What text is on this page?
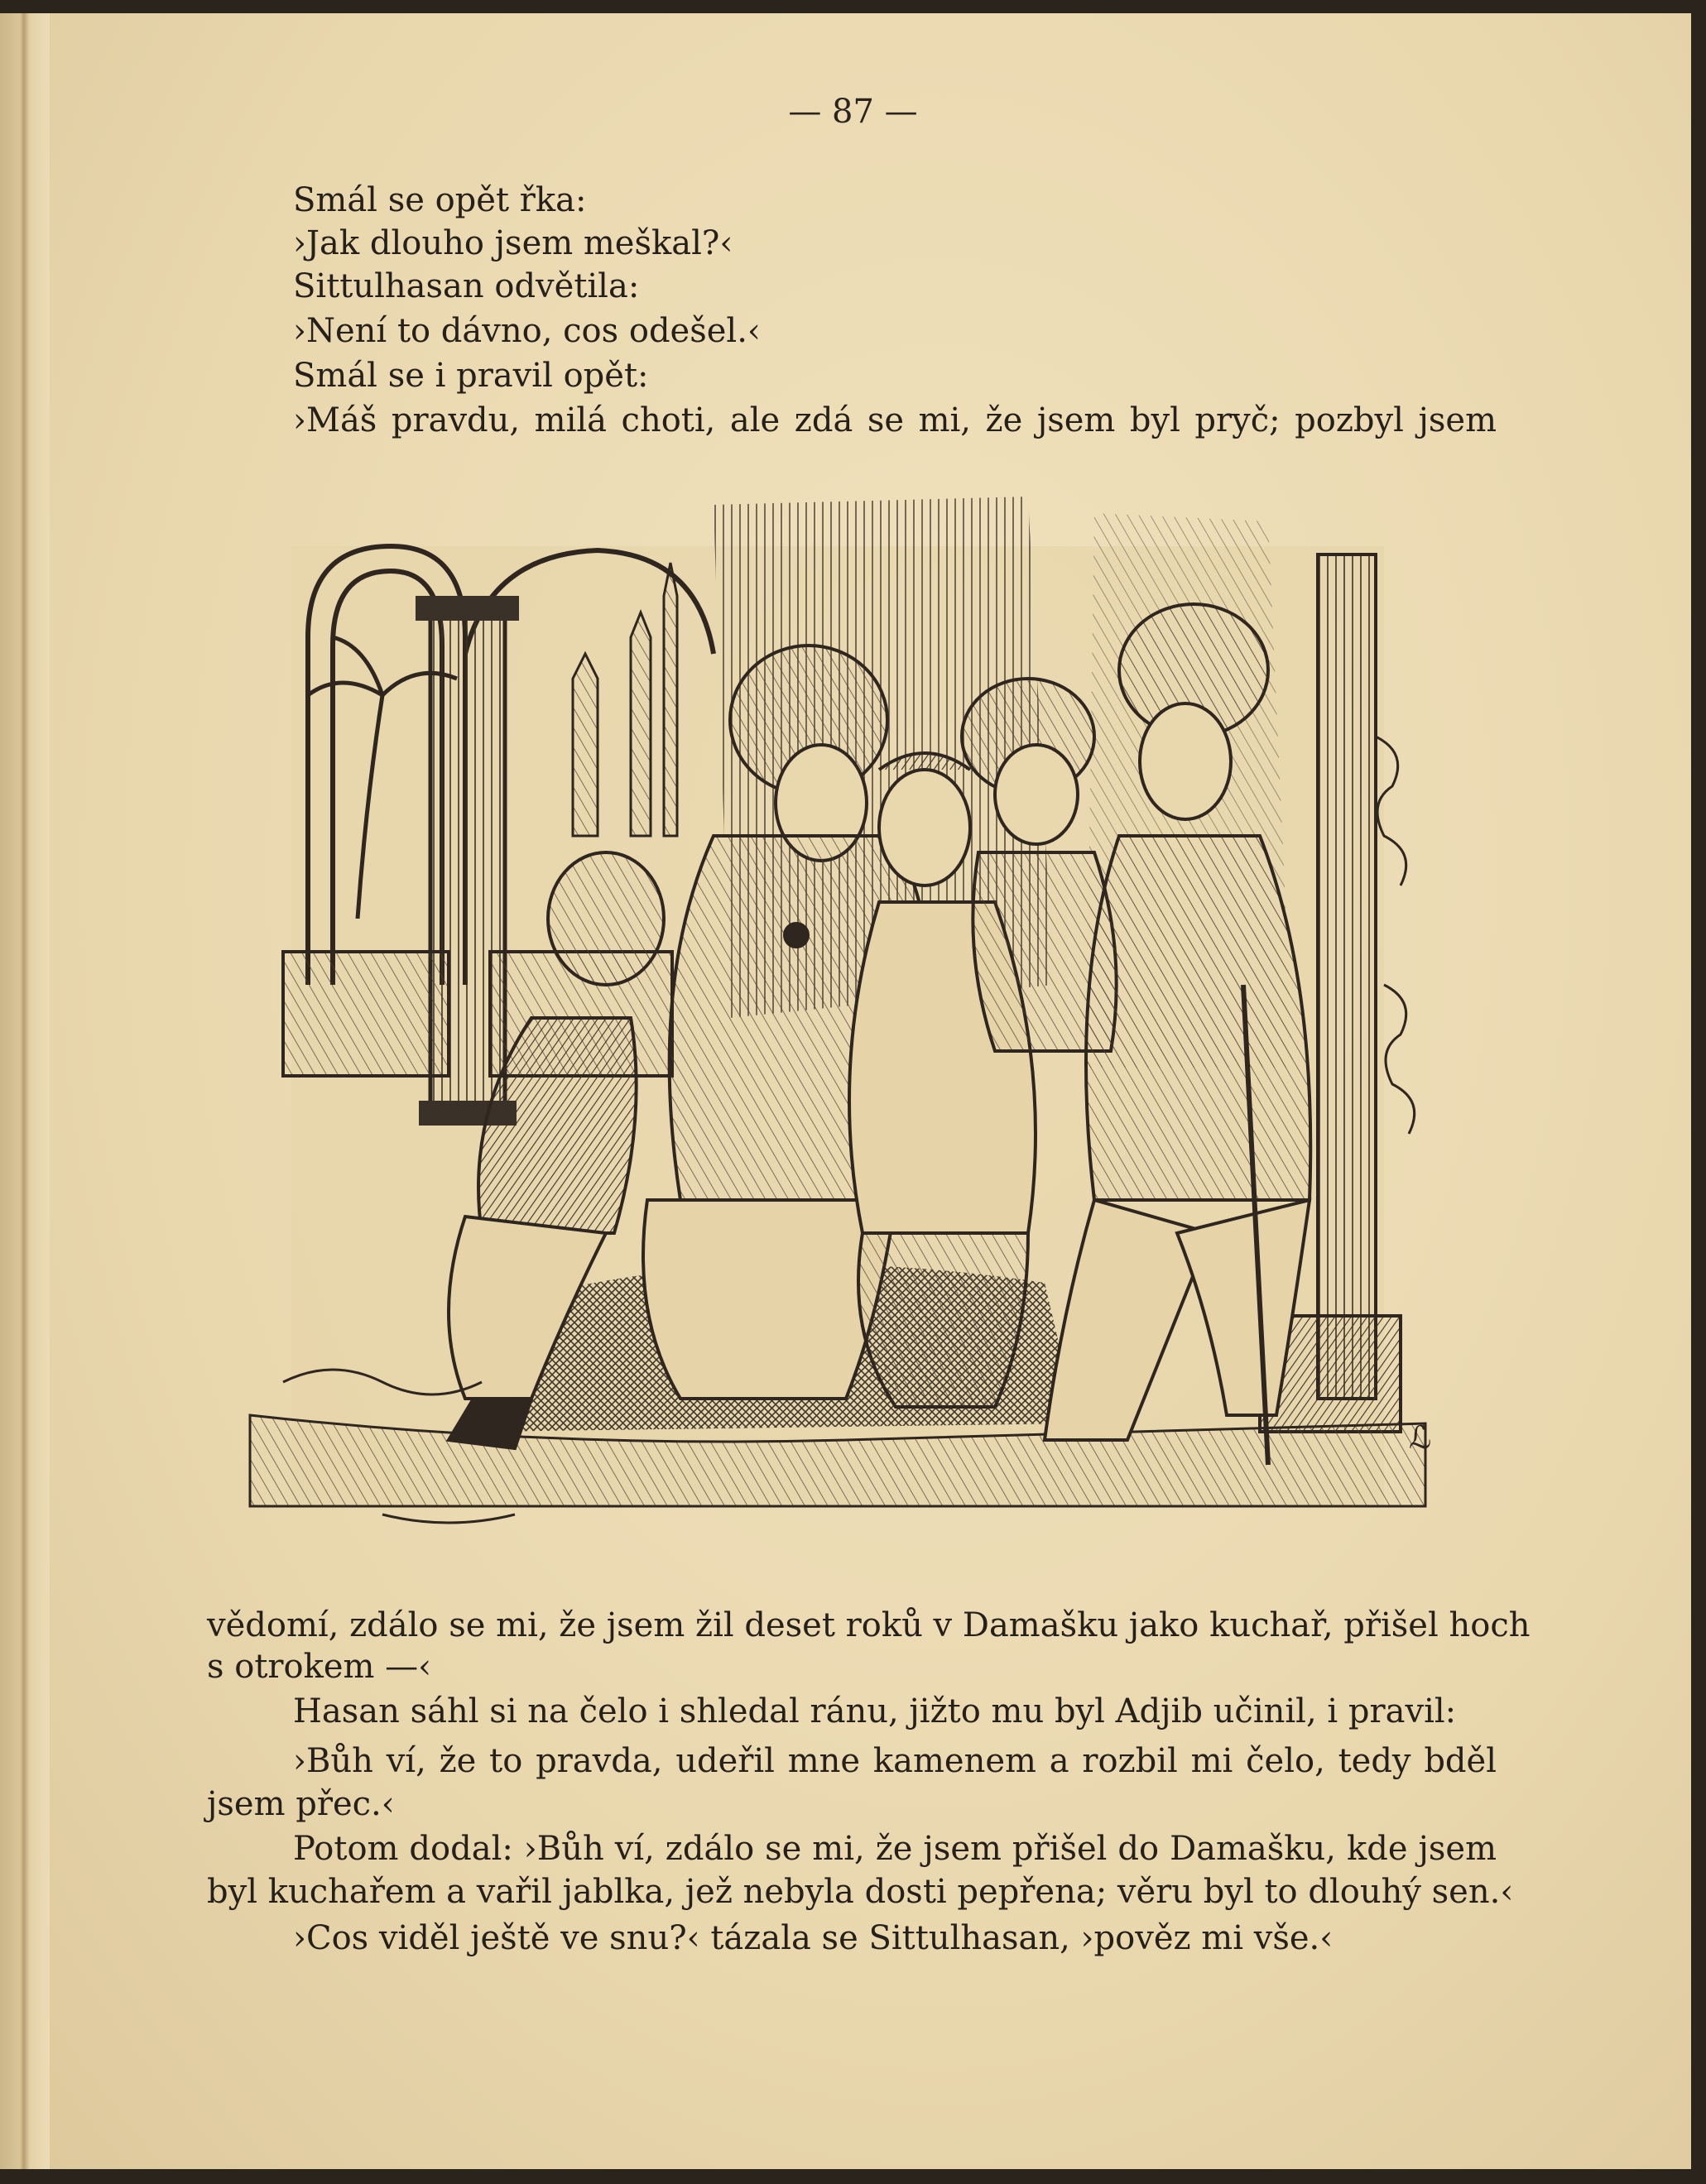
— 87 —
Smál se opět řka:
›Jak dlouho jsem meškal?‹
Sittulhasan odvětila:
›Není to dávno, cos odešel.‹
Smál se i pravil opět:
›Máš pravdu, milá choti, ale zdá se mi, že jsem byl pryč; pozbyl jsem
ℒ
vědomí, zdálo se mi, že jsem žil deset roků v Damašku jako kuchař, přišel hoch
s otrokem —‹
Hasan sáhl si na čelo i shledal ránu, jižto mu byl Adjib učinil, i pravil:
›Bůh ví, že to pravda, udeřil mne kamenem a rozbil mi čelo, tedy bděl
jsem přec.‹
Potom dodal: ›Bůh ví, zdálo se mi, že jsem přišel do Damašku, kde jsem
byl kuchařem a vařil jablka, jež nebyla dosti pepřena; věru byl to dlouhý sen.‹
›Cos viděl ještě ve snu?‹ tázala se Sittulhasan, ›pověz mi vše.‹
